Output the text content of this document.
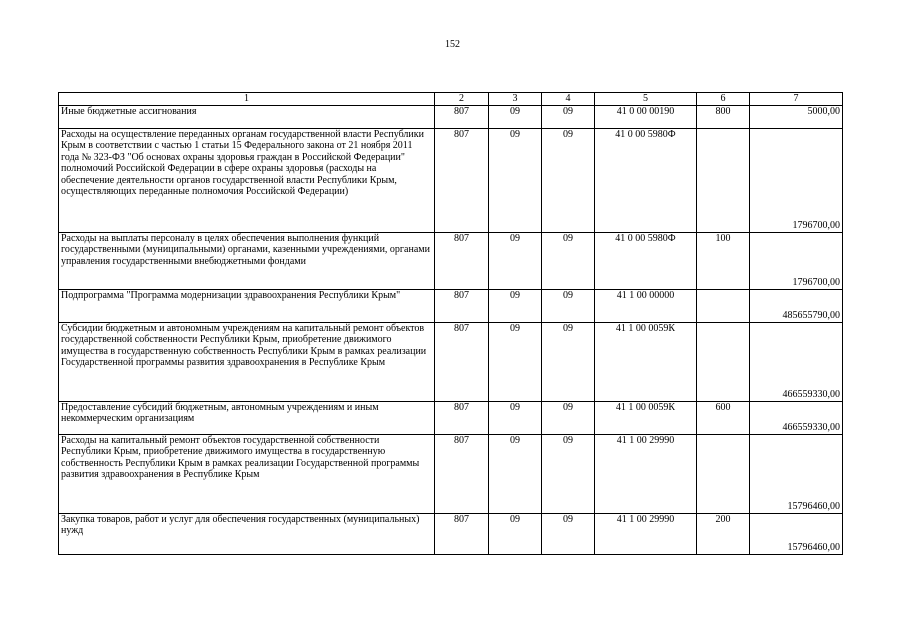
152
1	2	3	4	5	6	7
Иные бюджетные ассигнования	807	09	09	41 0 00 00190	800	5000,00
Расходы на осуществление переданных органам государственной власти Республики Крым в соответствии с частью 1 статьи 15 Федерального закона от 21 ноября 2011 года № 323-ФЗ "Об основах охраны здоровья граждан в Российской Федерации" полномочий Российской Федерации в сфере охраны здоровья (расходы на обеспечение деятельности органов государственной власти Республики Крым, осуществляющих переданные полномочия Российской Федерации)	807	09	09	41 0 00 5980Ф		1796700,00
Расходы на выплаты персоналу в целях обеспечения выполнения функций государственными (муниципальными) органами, казенными учреждениями, органами управления государственными внебюджетными фондами	807	09	09	41 0 00 5980Ф	100	1796700,00
Подпрограмма "Программа модернизации здравоохранения Республики Крым"	807	09	09	41 1 00 00000		485655790,00
Субсидии бюджетным и автономным учреждениям на капитальный ремонт объектов государственной собственности Республики Крым, приобретение движимого имущества в государственную собственность Республики Крым в рамках реализации Государственной программы развития здравоохранения в Республике Крым	807	09	09	41 1 00 0059К		466559330,00
Предоставление субсидий бюджетным, автономным учреждениям и иным некоммерческим организациям	807	09	09	41 1 00 0059К	600	466559330,00
Расходы на капитальный ремонт объектов государственной собственности Республики Крым, приобретение движимого имущества в государственную собственность Республики Крым в рамках реализации Государственной программы развития здравоохранения в Республике Крым	807	09	09	41 1 00 29990		15796460,00
Закупка товаров, работ и услуг для обеспечения государственных (муниципальных) нужд	807	09	09	41 1 00 29990	200	15796460,00
